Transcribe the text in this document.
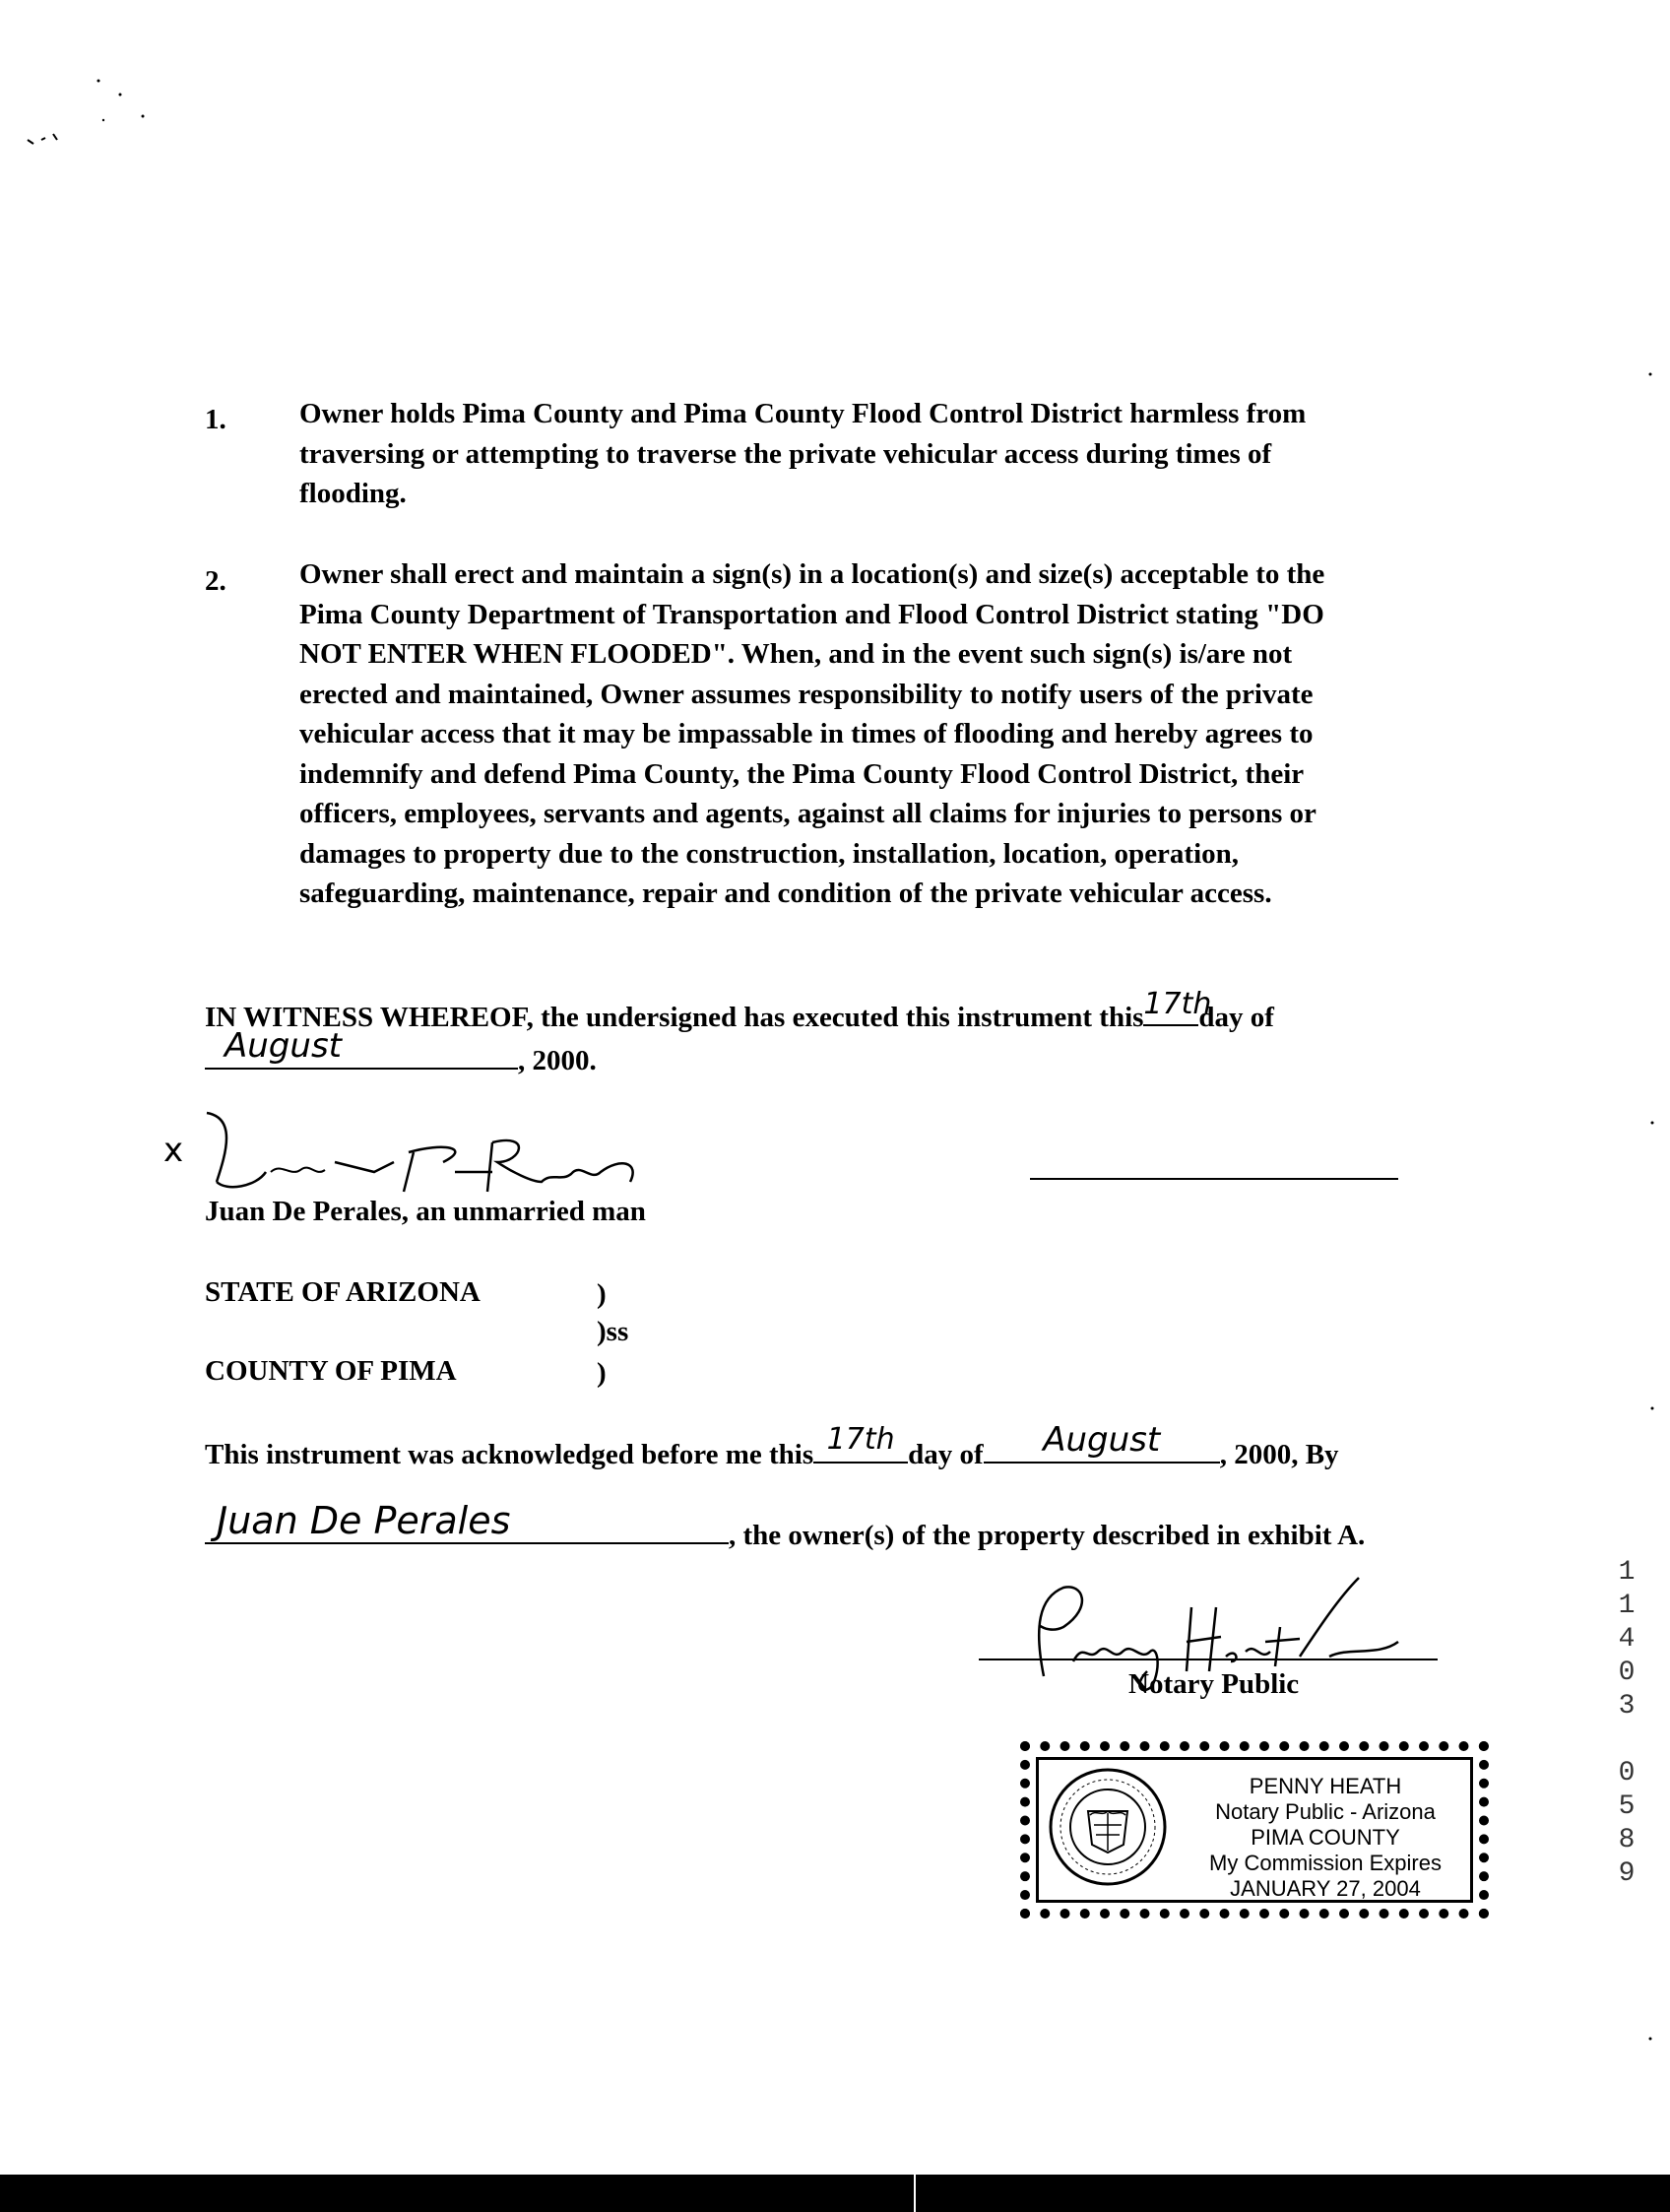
1.	Owner holds Pima County and Pima County Flood Control District harmless from
traversing or attempting to traverse the private vehicular access during times of
flooding.
2.	Owner shall erect and maintain a sign(s) in a location(s) and size(s) acceptable to the
Pima County Department of Transportation and Flood Control District stating "DO
NOT ENTER WHEN FLOODED". When, and in the event such sign(s) is/are not
erected and maintained, Owner assumes responsibility to notify users of the private
vehicular access that it may be impassable in times of flooding and hereby agrees to
indemnify and defend Pima County, the Pima County Flood Control District, their
officers, employees, servants and agents, against all claims for injuries to persons or
damages to property due to the construction, installation, location, operation,
safeguarding, maintenance, repair and condition of the private vehicular access.
IN WITNESS WHEREOF, the undersigned has executed this instrument this 17th
day of
August	, 2000.
x
Juan De Perales, an unmarried man
STATE OF ARIZONA	)
)ss
COUNTY OF PIMA	)
This instrument was acknowledged before me this 17th day of	August	, 2000, By
Juan De Perales	, the owner(s) of the property described in exhibit A.
Notary Public
PENNY HEATH
Notary Public - Arizona
PIMA COUNTY
My Commission Expires
JANUARY 27, 2004
1
1
4
0
3
0
5
8
9
